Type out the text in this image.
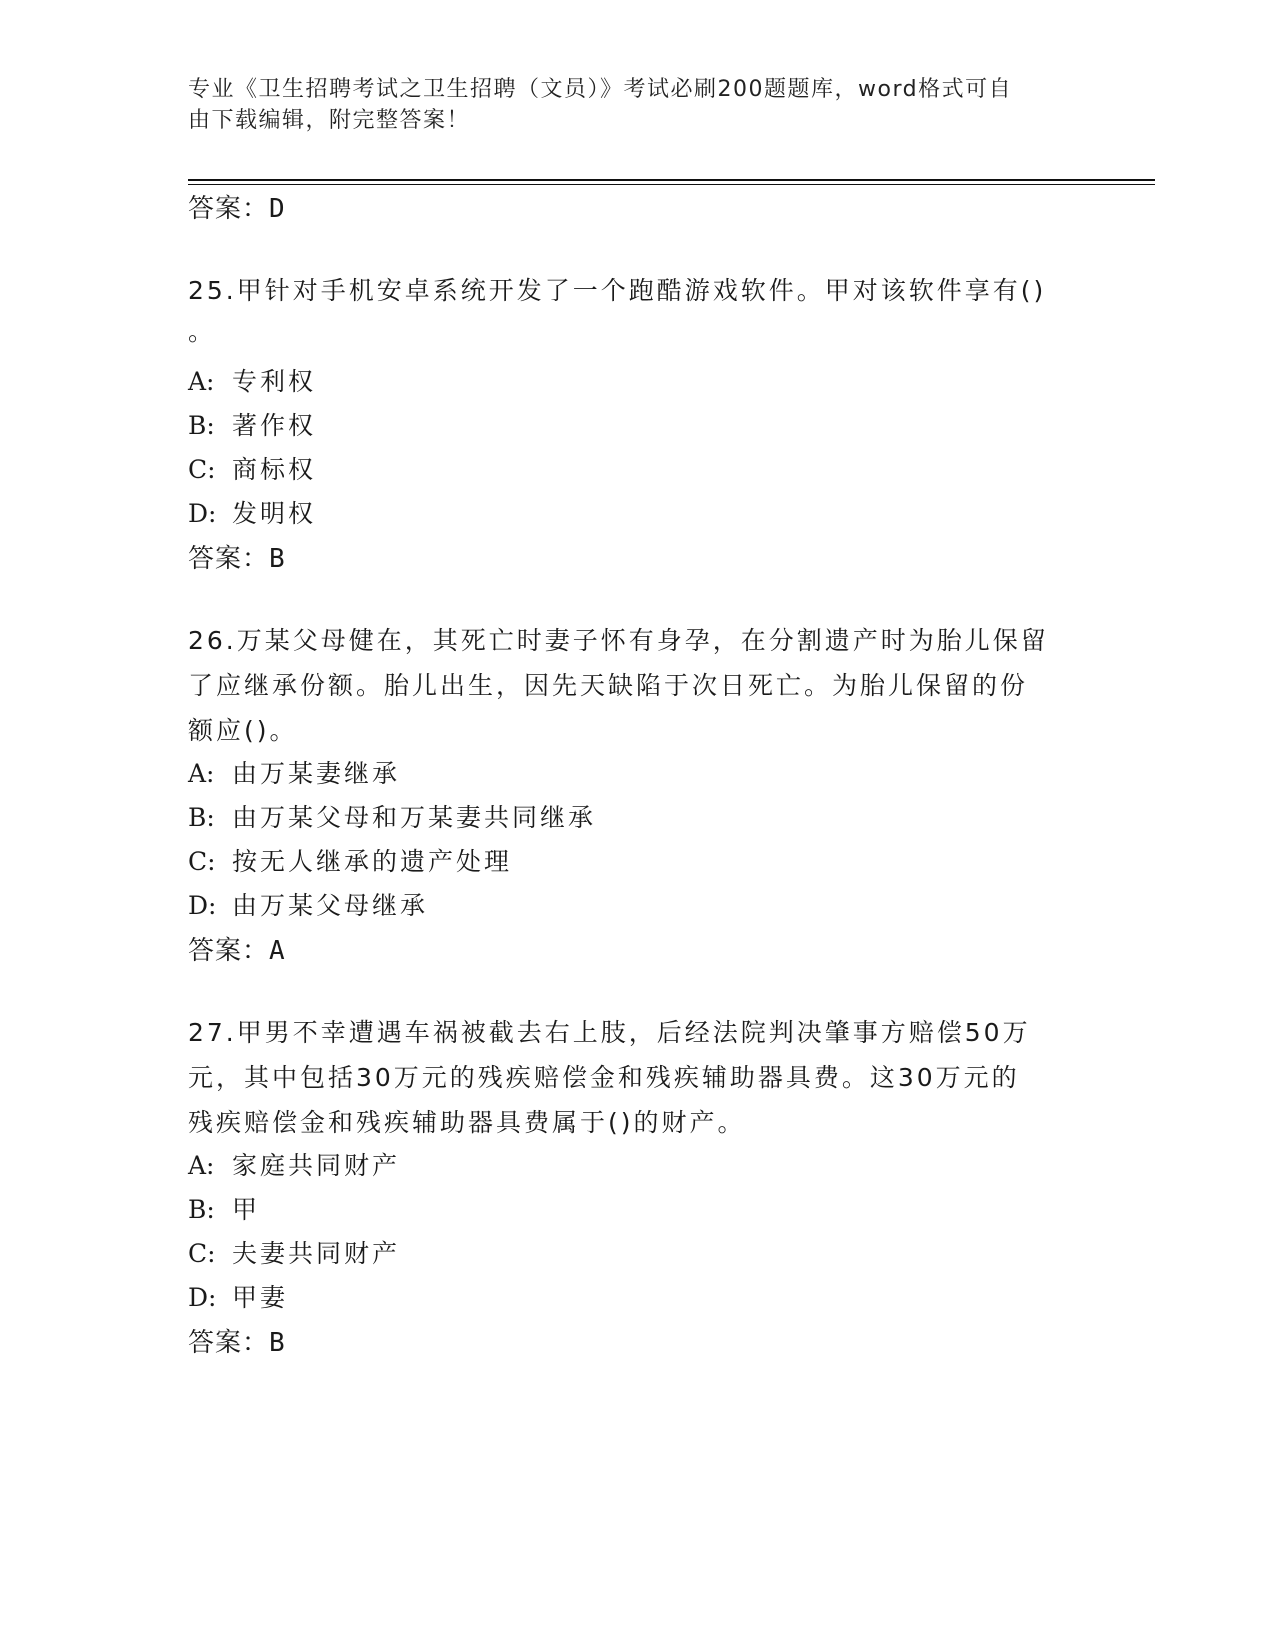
专业《卫生招聘考试之卫生招聘（文员）》考试必刷200题题库，word格式可自
由下载编辑，附完整答案！
答案：D
25.甲针对手机安卓系统开发了一个跑酷游戏软件。甲对该软件享有()
。
A: 专利权
B: 著作权
C: 商标权
D: 发明权
答案：B
26.万某父母健在，其死亡时妻子怀有身孕，在分割遗产时为胎儿保留
了应继承份额。胎儿出生，因先天缺陷于次日死亡。为胎儿保留的份
额应()。
A: 由万某妻继承
B: 由万某父母和万某妻共同继承
C: 按无人继承的遗产处理
D: 由万某父母继承
答案：A
27.甲男不幸遭遇车祸被截去右上肢，后经法院判决肇事方赔偿50万
元，其中包括30万元的残疾赔偿金和残疾辅助器具费。这30万元的
残疾赔偿金和残疾辅助器具费属于()的财产。
A: 家庭共同财产
B: 甲
C: 夫妻共同财产
D: 甲妻
答案：B
